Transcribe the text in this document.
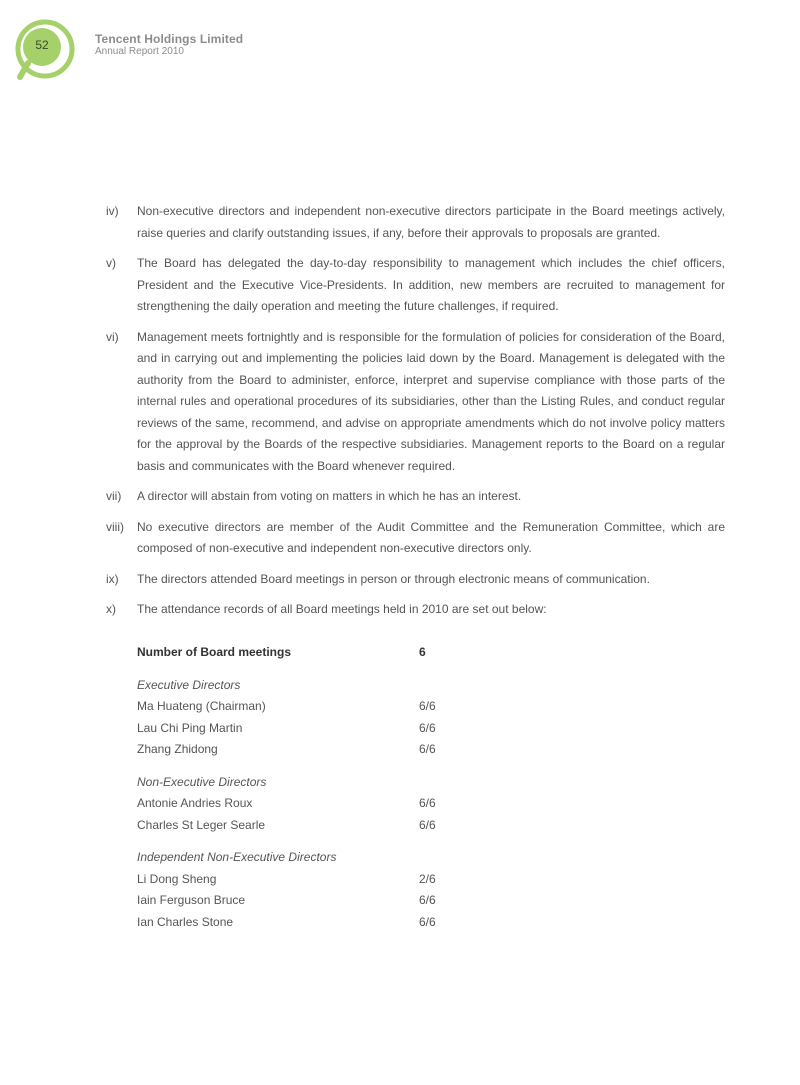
52	Tencent Holdings Limited
Annual Report 2010
iv)	Non-executive directors and independent non-executive directors participate in the Board meetings actively, raise queries and clarify outstanding issues, if any, before their approvals to proposals are granted.
v)	The Board has delegated the day-to-day responsibility to management which includes the chief officers, President and the Executive Vice-Presidents. In addition, new members are recruited to management for strengthening the daily operation and meeting the future challenges, if required.
vi)	Management meets fortnightly and is responsible for the formulation of policies for consideration of the Board, and in carrying out and implementing the policies laid down by the Board. Management is delegated with the authority from the Board to administer, enforce, interpret and supervise compliance with those parts of the internal rules and operational procedures of its subsidiaries, other than the Listing Rules, and conduct regular reviews of the same, recommend, and advise on appropriate amendments which do not involve policy matters for the approval by the Boards of the respective subsidiaries. Management reports to the Board on a regular basis and communicates with the Board whenever required.
vii)	A director will abstain from voting on matters in which he has an interest.
viii)	No executive directors are member of the Audit Committee and the Remuneration Committee, which are composed of non-executive and independent non-executive directors only.
ix)	The directors attended Board meetings in person or through electronic means of communication.
x)	The attendance records of all Board meetings held in 2010 are set out below:
Number of Board meetings	6
Executive Directors
Ma Huateng (Chairman)	6/6
Lau Chi Ping Martin	6/6
Zhang Zhidong	6/6
Non-Executive Directors
Antonie Andries Roux	6/6
Charles St Leger Searle	6/6
Independent Non-Executive Directors
Li Dong Sheng	2/6
Iain Ferguson Bruce	6/6
Ian Charles Stone	6/6
